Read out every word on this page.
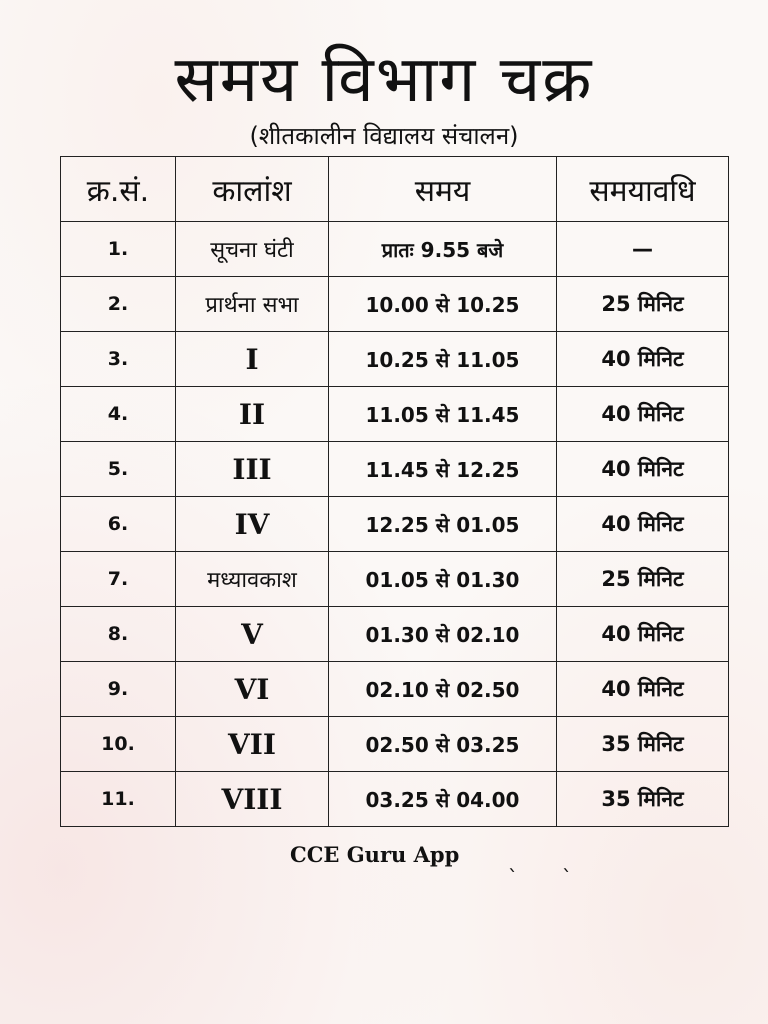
समय विभाग चक्र
(शीतकालीन विद्यालय संचालन)
क्र.सं.	कालांश	समय	समयावधि
1.	सूचना घंटी	प्रातः 9.55 बजे	—
2.	प्रार्थना सभा	10.00 से 10.25	25 मिनिट
3.	I	10.25 से 11.05	40 मिनिट
4.	II	11.05 से 11.45	40 मिनिट
5.	III	11.45 से 12.25	40 मिनिट
6.	IV	12.25 से 01.05	40 मिनिट
7.	मध्यावकाश	01.05 से 01.30	25 मिनिट
8.	V	01.30 से 02.10	40 मिनिट
9.	VI	02.10 से 02.50	40 मिनिट
10.	VII	02.50 से 03.25	35 मिनिट
11.	VIII	03.25 से 04.00	35 मिनिट
CCE Guru App ˎ ˎ
